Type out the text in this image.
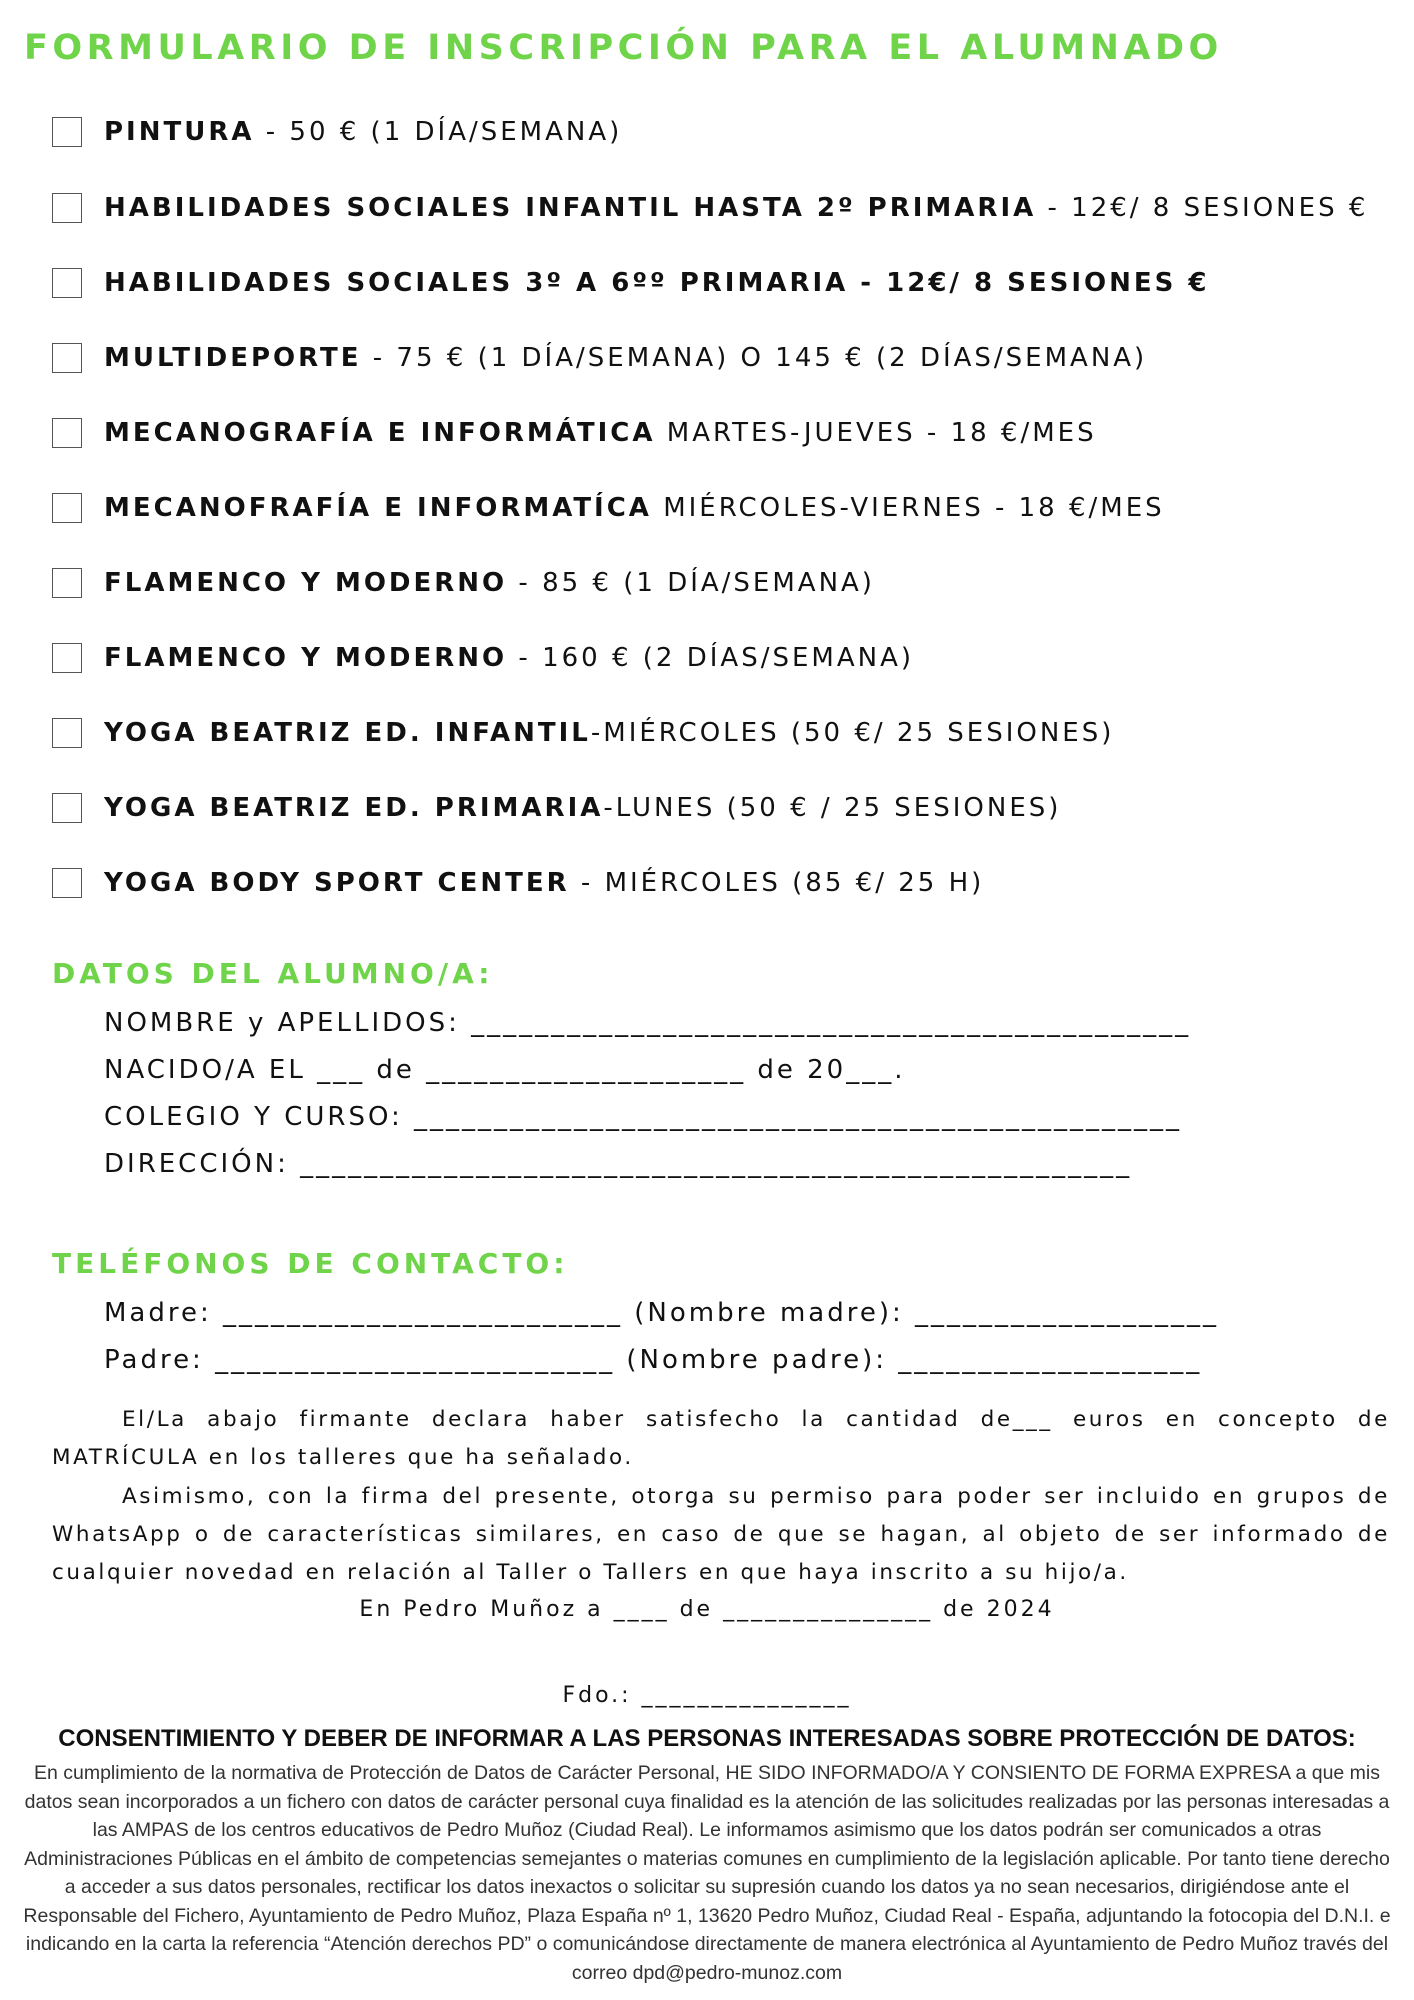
FORMULARIO DE INSCRIPCIÓN PARA EL ALUMNADO
PINTURA - 50 € (1 DÍA/SEMANA)
HABILIDADES SOCIALES INFANTIL HASTA 2º PRIMARIA - 12€/ 8 SESIONES €
HABILIDADES SOCIALES 3º A 6ºº PRIMARIA - 12€/ 8 SESIONES €
MULTIDEPORTE - 75 € (1 DÍA/SEMANA) O 145 € (2 DÍAS/SEMANA)
MECANOGRAFÍA E INFORMÁTICA MARTES-JUEVES - 18 €/MES
MECANOFRAFÍA E INFORMATÍCA MIÉRCOLES-VIERNES - 18 €/MES
FLAMENCO Y MODERNO - 85 € (1 DÍA/SEMANA)
FLAMENCO Y MODERNO - 160 € (2 DÍAS/SEMANA)
YOGA BEATRIZ ED. INFANTIL-MIÉRCOLES (50 €/ 25 SESIONES)
YOGA BEATRIZ ED. PRIMARIA-LUNES (50 € / 25 SESIONES)
YOGA BODY SPORT CENTER - MIÉRCOLES (85 €/ 25 H)
DATOS DEL ALUMNO/A:
NOMBRE y APELLIDOS: _____________________________________________
NACIDO/A EL ___ de ____________________ de 20___.
COLEGIO Y CURSO: ________________________________________________
DIRECCIÓN: ____________________________________________________
TELÉFONOS DE CONTACTO:
Madre: _________________________ (Nombre madre): ___________________
Padre: _________________________ (Nombre padre): ___________________
El/La abajo firmante declara haber satisfecho la cantidad de___ euros en concepto de MATRÍCULA en los talleres que ha señalado.
Asimismo, con la firma del presente, otorga su permiso para poder ser incluido en grupos de WhatsApp o de características similares, en caso de que se hagan, al objeto de ser informado de cualquier novedad en relación al Taller o Tallers en que haya inscrito a su hijo/a.
En Pedro Muñoz a ____ de _______________ de 2024
Fdo.: _______________
CONSENTIMIENTO Y DEBER DE INFORMAR A LAS PERSONAS INTERESADAS SOBRE PROTECCIÓN DE DATOS:
En cumplimiento de la normativa de Protección de Datos de Carácter Personal, HE SIDO INFORMADO/A Y CONSIENTO DE FORMA EXPRESA a que mis datos sean incorporados a un fichero con datos de carácter personal cuya finalidad es la atención de las solicitudes realizadas por las personas interesadas a las AMPAS de los centros educativos de Pedro Muñoz (Ciudad Real). Le informamos asimismo que los datos podrán ser comunicados a otras Administraciones Públicas en el ámbito de competencias semejantes o materias comunes en cumplimiento de la legislación aplicable. Por tanto tiene derecho a acceder a sus datos personales, rectificar los datos inexactos o solicitar su supresión cuando los datos ya no sean necesarios, dirigiéndose ante el Responsable del Fichero, Ayuntamiento de Pedro Muñoz, Plaza España nº 1, 13620 Pedro Muñoz, Ciudad Real - España, adjuntando la fotocopia del D.N.I. e indicando en la carta la referencia “Atención derechos PD” o comunicándose directamente de manera electrónica al Ayuntamiento de Pedro Muñoz través del correo dpd@pedro-munoz.com
